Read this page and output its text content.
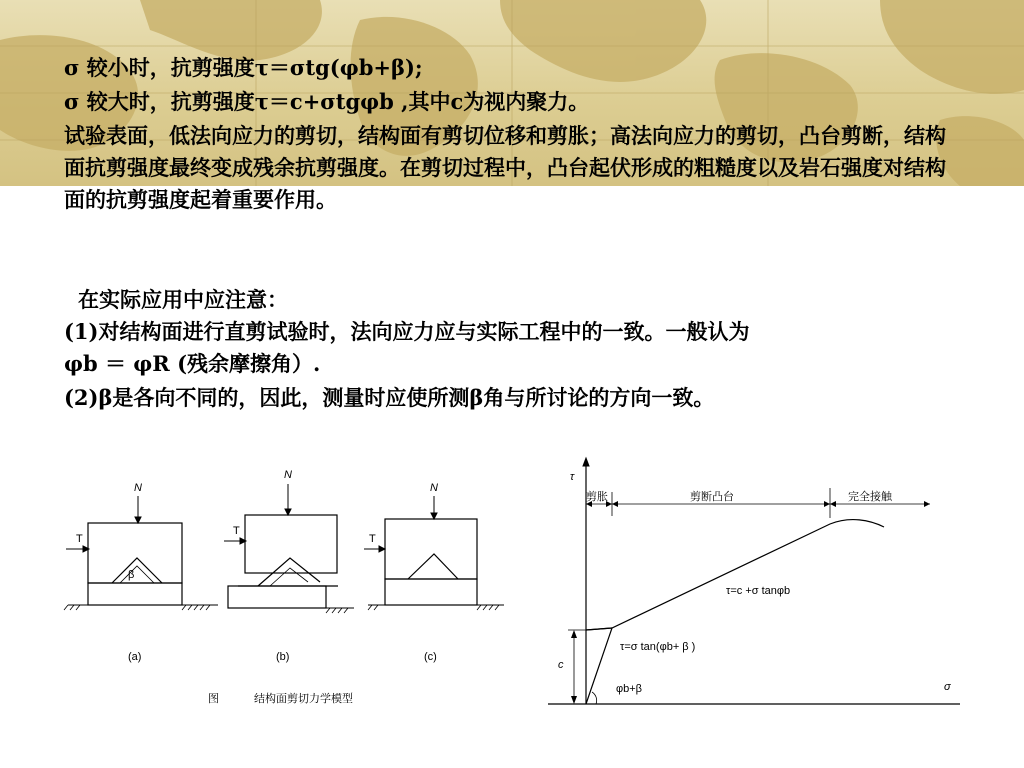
σ 较小时，抗剪强度τ＝σtg(φb+β);
σ 较大时，抗剪强度τ＝c+σtgφb ,其中c为视内聚力。
试验表面，低法向应力的剪切，结构面有剪切位移和剪胀；高法向应力的剪切，凸台剪断，结构面抗剪强度最终变成残余抗剪强度。在剪切过程中，凸台起伏形成的粗糙度以及岩石强度对结构面的抗剪强度起着重要作用。
在实际应用中应注意：
(1)对结构面进行直剪试验时，法向应力应与实际工程中的一致。一般认为
φb ＝ φR (残余摩擦角）.
(2)β是各向不同的，因此，测量时应使所测β角与所讨论的方向一致。
N
T
β
(a)
N
T
(b)
N
T
(c)
图	结构面剪切力学模型
τ
σ
剪胀	剪断凸台	完全接触
c
φb+β
τ=c +σ tanφb
τ=σ tan(φb+ β )
